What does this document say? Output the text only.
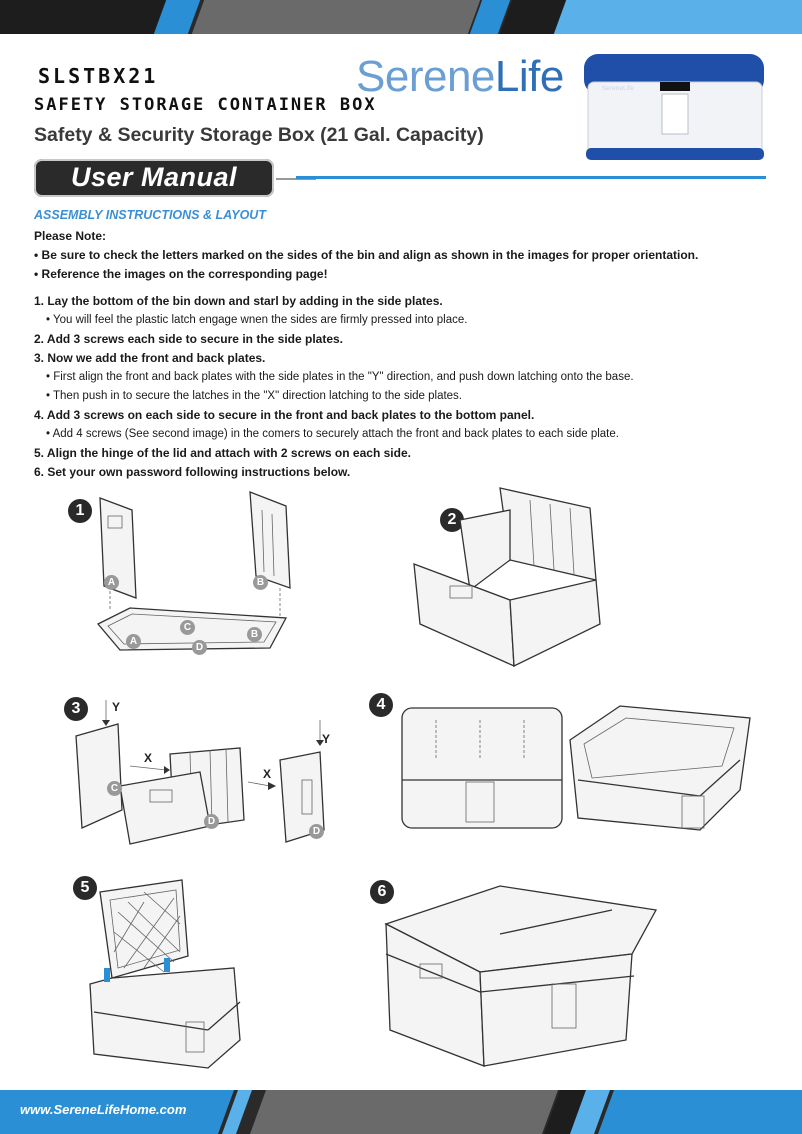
SLSTBX21
SAFETY STORAGE CONTAINER BOX
SereneLife	SereneLife
Safety & Security Storage Box (21 Gal. Capacity)
User Manual
ASSEMBLY INSTRUCTIONS & LAYOUT
Please Note:
• Be sure to check the letters marked on the sides of the bin and align as shown in the images for proper orientation.
• Reference the images on the corresponding page!
1. Lay the bottom of the bin down and starl by adding in the side plates.
• You will feel the plastic latch engage wnen the sides are firmly pressed into place.
2. Add 3 screws each side to secure in the side plates.
3. Now we add the front and back plates.
• First align the front and back plates with the side plates in the "Y" direction, and push down latching onto the base.
• Then push in to secure the latches in the "X" direction latching to the side plates.
4. Add 3 screws on each side to secure in the front and back plates to the bottom panel.
• Add 4 screws (See second image) in the comers to securely attach the front and back plates to each side plate.
5. Align the hinge of the lid and attach with 2 screws on each side.
6. Set your own password following instructions below.
1
A	B
C
A
B
D
2
3	Y
X
X
Y
C
D
D
4
5	6
www.SereneLifeHome.com
